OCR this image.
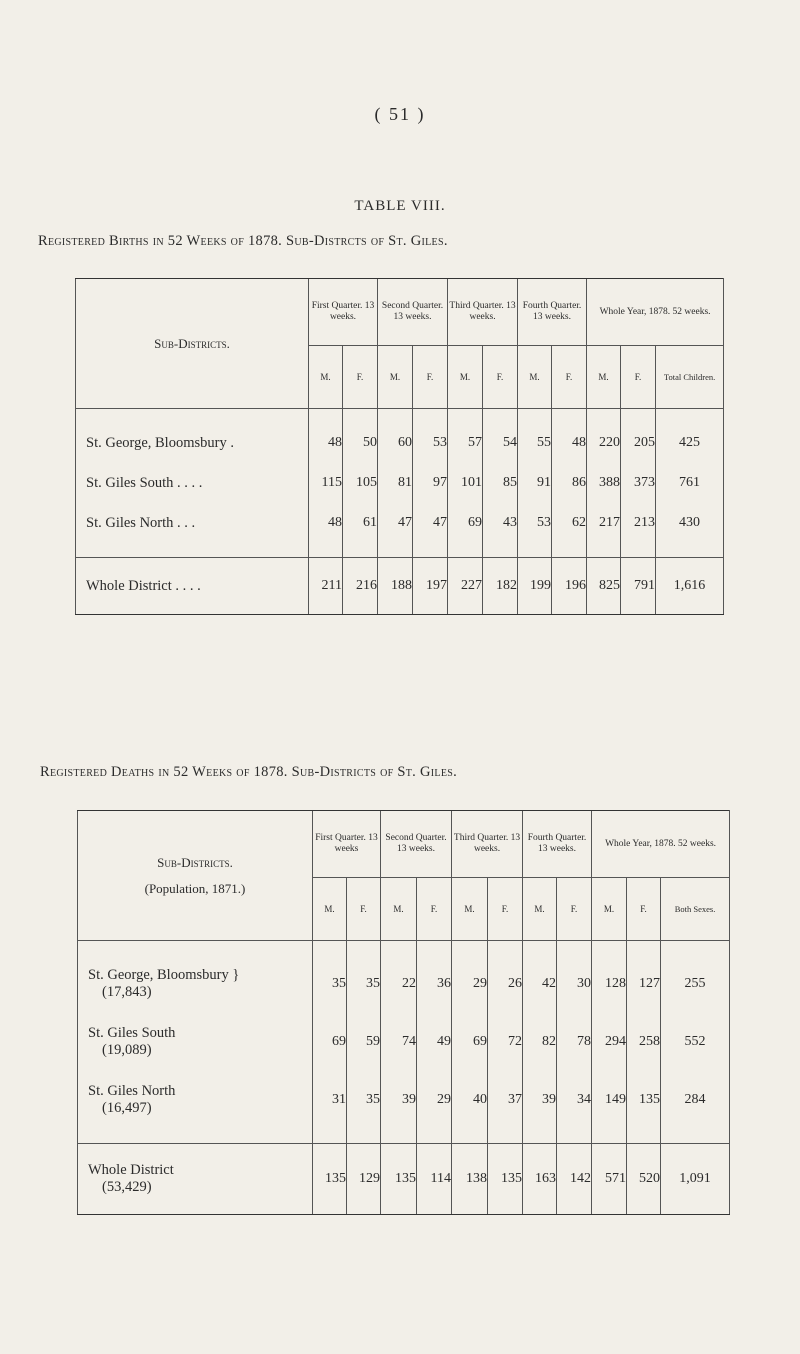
( 51 )
TABLE VIII.
Registered Births in 52 Weeks of 1878. Sub-Distrcts of St. Giles.
Sub-Districts.	First Quarter. 13 weeks.		Second Quarter. 13 weeks.		Third Quarter. 13 weeks.		Fourth Quarter. 13 weeks.		Whole Year, 1878. 52 weeks.		
	M.	F.	M.	F.	M.	F.	M.	F.	M.	F.	Total Children.

St. George, Bloomsbury .	48	50	60	53	57	54	55	48	220	205	425
St. Giles South . . . .	115	105	81	97	101	85	91	86	388	373	761
St. Giles North . . .	48	61	47	47	69	43	53	62	217	213	430

Whole District . . . .	211	216	188	197	227	182	199	196	825	791	1,616
Registered Deaths in 52 Weeks of 1878. Sub-Districts of St. Giles.
Sub-Districts.
(Population, 1871.)	First Quarter. 13 weeks		Second Quarter. 13 weeks.		Third Quarter. 13 weeks.		Fourth Quarter. 13 weeks.		Whole Year, 1878. 52 weeks.		
	M.	F.	M.	F.	M.	F.	M.	F.	M.	F.	Both Sexes.

St. George, Bloomsbury }
(17,843)	35	35	22	36	29	26	42	30	128	127	255
St. Giles South
(19,089)	69	59	74	49	69	72	82	78	294	258	552
St. Giles North
(16,497)	31	35	39	29	40	37	39	34	149	135	284

Whole District
(53,429)	135	129	135	114	138	135	163	142	571	520	1,091
